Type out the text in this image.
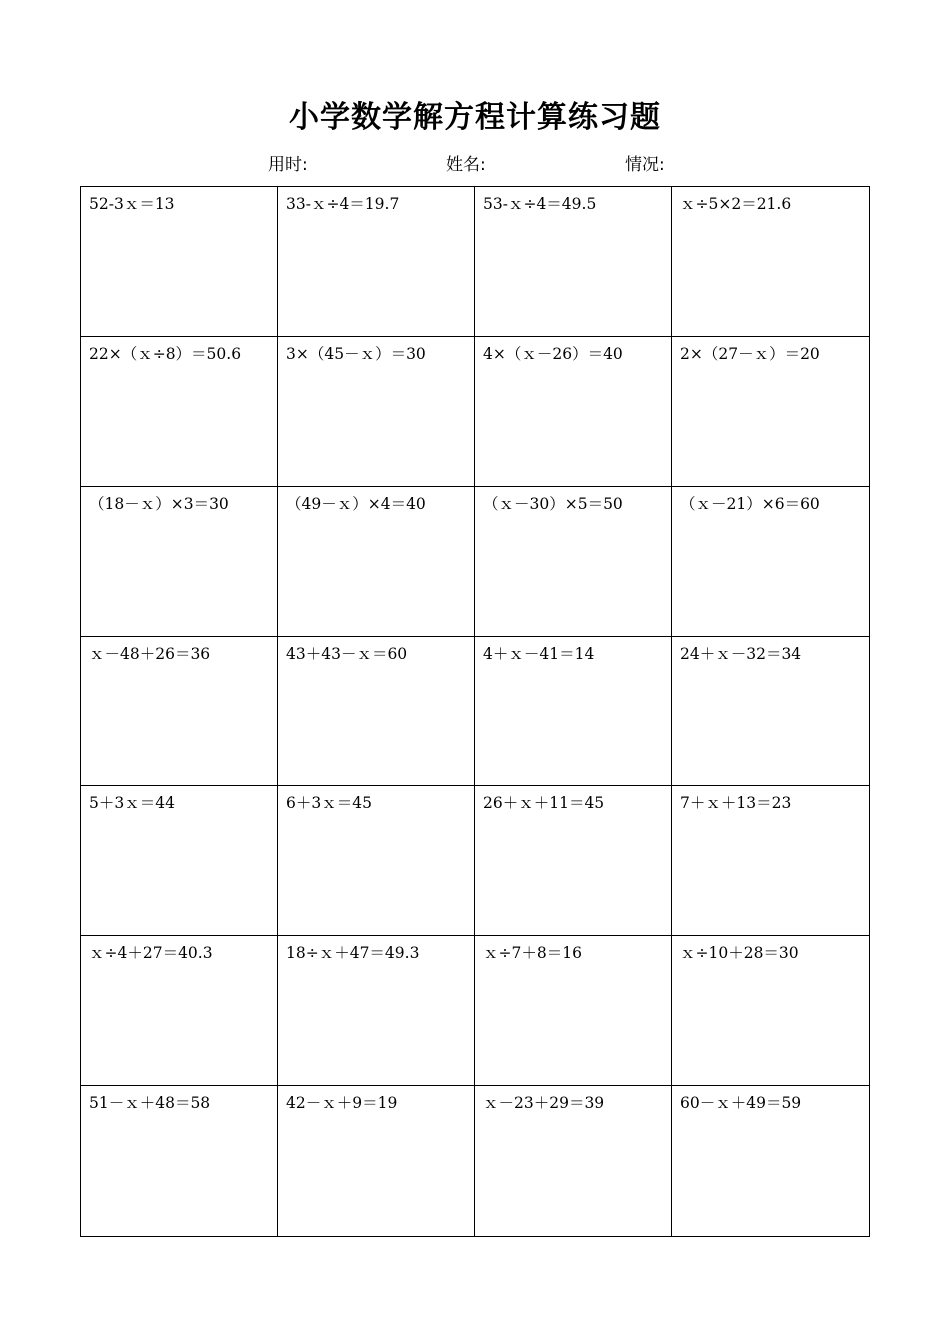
小学数学解方程计算练习题
用时:	姓名:	情况:
52-3ｘ＝13	33-ｘ÷4＝19.7	53-ｘ÷4＝49.5	ｘ÷5×2＝21.6
22×（ｘ÷8）＝50.6	3×（45－ｘ）＝30	4×（ｘ－26）＝40	2×（27－ｘ）＝20
（18－ｘ）×3＝30	（49－ｘ）×4＝40	（ｘ－30）×5＝50	（ｘ－21）×6＝60
ｘ－48＋26＝36	43＋43－ｘ＝60	4＋ｘ－41＝14	24＋ｘ－32＝34
5＋3ｘ＝44	6＋3ｘ＝45	26＋ｘ＋11＝45	7＋ｘ＋13＝23
ｘ÷4＋27＝40.3	18÷ｘ＋47＝49.3	ｘ÷7＋8＝16	ｘ÷10＋28＝30
51－ｘ＋48＝58	42－ｘ＋9＝19	ｘ－23＋29＝39	60－ｘ＋49＝59
